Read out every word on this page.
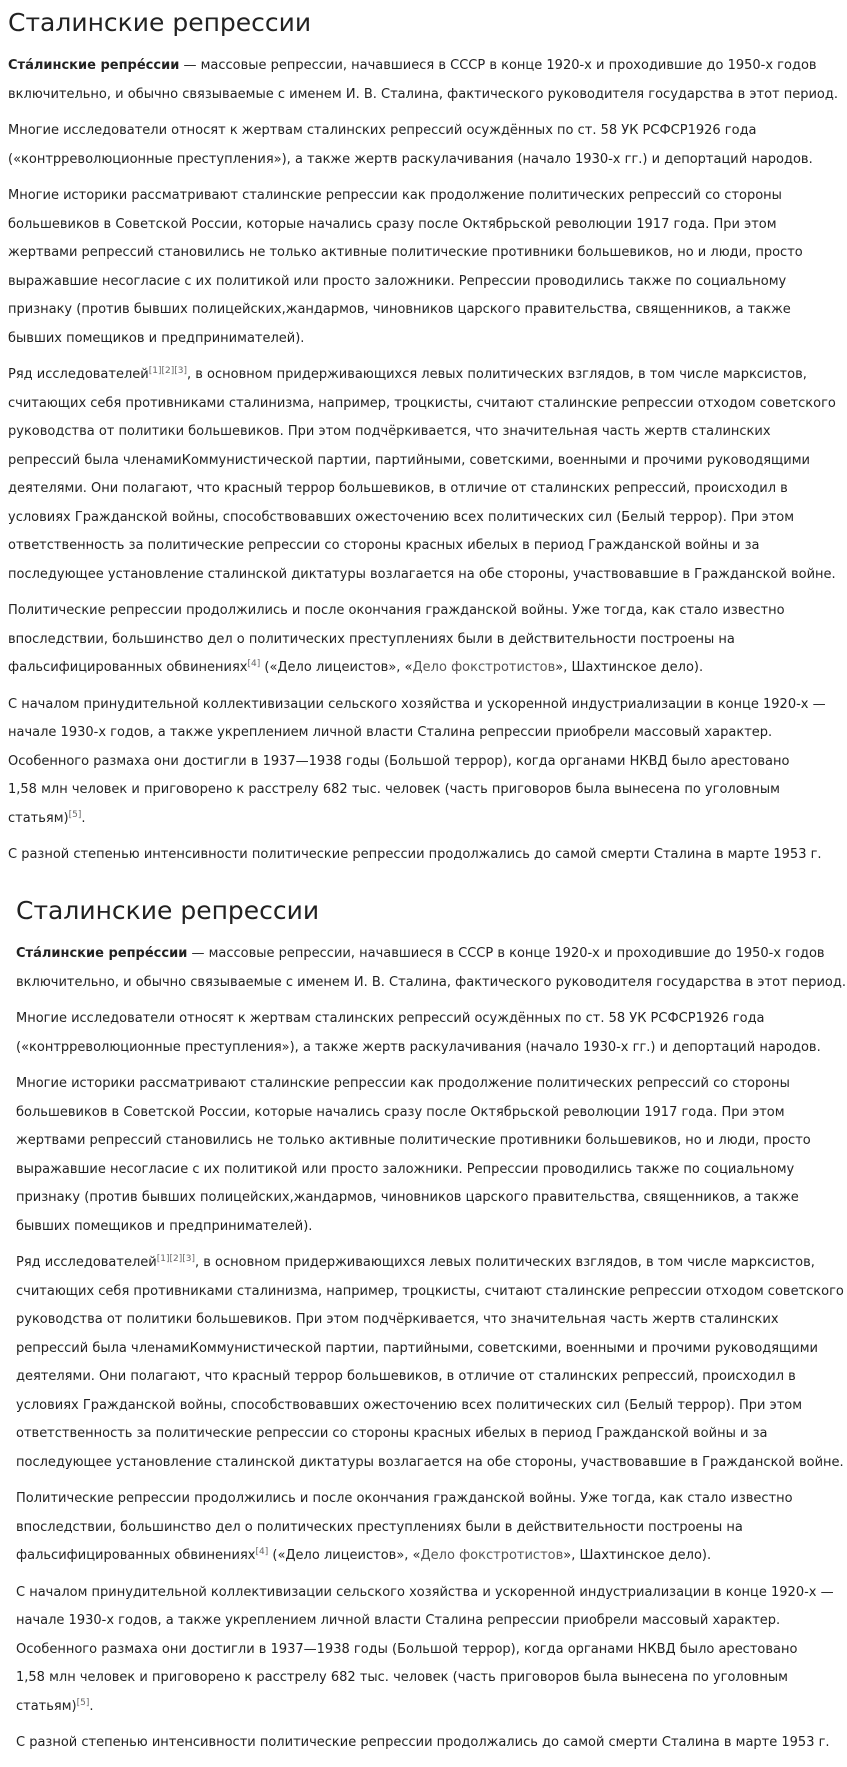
Сталинские репрессии

Ста́линские репре́ссии — массовые репрессии, начавшиеся в СССР в конце 1920-х и проходившие до 1950-х годов
включительно, и обычно связываемые с именем И. В. Сталина, фактического руководителя государства в этот период.

Многие исследователи относят к жертвам сталинских репрессий осуждённых по ст. 58 УК РСФСР1926 года
(«контрреволюционные преступления»), а также жертв раскулачивания (начало 1930-х гг.) и депортаций народов.

Многие историки рассматривают сталинские репрессии как продолжение политических репрессий со стороны
большевиков в Советской России, которые начались сразу после Октябрьской революции 1917 года. При этом
жертвами репрессий становились не только активные политические противники большевиков, но и люди, просто
выражавшие несогласие с их политикой или просто заложники. Репрессии проводились также по социальному
признаку (против бывших полицейских,жандармов, чиновников царского правительства, священников, а также
бывших помещиков и предпринимателей).

Ряд исследователей[1][2][3], в основном придерживающихся левых политических взглядов, в том числе марксистов,
считающих себя противниками сталинизма, например, троцкисты, считают сталинские репрессии отходом советского
руководства от политики большевиков. При этом подчёркивается, что значительная часть жертв сталинских
репрессий была членамиКоммунистической партии, партийными, советскими, военными и прочими руководящими
деятелями. Они полагают, что красный террор большевиков, в отличие от сталинских репрессий, происходил в
условиях Гражданской войны, способствовавших ожесточению всех политических сил (Белый террор). При этом
ответственность за политические репрессии со стороны красных ибелых в период Гражданской войны и за
последующее установление сталинской диктатуры возлагается на обе стороны, участвовавшие в Гражданской войне.

Политические репрессии продолжились и после окончания гражданской войны. Уже тогда, как стало известно
впоследствии, большинство дел о политических преступлениях были в действительности построены на
фальсифицированных обвинениях[4] («Дело лицеистов», «Дело фокстротистов», Шахтинское дело).

С началом принудительной коллективизации сельского хозяйства и ускоренной индустриализации в конце 1920-х —
начале 1930-х годов, а также укреплением личной власти Сталина репрессии приобрели массовый характер.
Особенного размаха они достигли в 1937—1938 годы (Большой террор), когда органами НКВД было арестовано
1,58 млн человек и приговорено к расстрелу 682 тыс. человек (часть приговоров была вынесена по уголовным
статьям)[5].

С разной степенью интенсивности политические репрессии продолжались до самой смерти Сталина в марте 1953 г.

Сталинские репрессии

Ста́линские репре́ссии — массовые репрессии, начавшиеся в СССР в конце 1920-х и проходившие до 1950-х годов
включительно, и обычно связываемые с именем И. В. Сталина, фактического руководителя государства в этот период.

Многие исследователи относят к жертвам сталинских репрессий осуждённых по ст. 58 УК РСФСР1926 года
(«контрреволюционные преступления»), а также жертв раскулачивания (начало 1930-х гг.) и депортаций народов.

Многие историки рассматривают сталинские репрессии как продолжение политических репрессий со стороны
большевиков в Советской России, которые начались сразу после Октябрьской революции 1917 года. При этом
жертвами репрессий становились не только активные политические противники большевиков, но и люди, просто
выражавшие несогласие с их политикой или просто заложники. Репрессии проводились также по социальному
признаку (против бывших полицейских,жандармов, чиновников царского правительства, священников, а также
бывших помещиков и предпринимателей).

Ряд исследователей[1][2][3], в основном придерживающихся левых политических взглядов, в том числе марксистов,
считающих себя противниками сталинизма, например, троцкисты, считают сталинские репрессии отходом советского
руководства от политики большевиков. При этом подчёркивается, что значительная часть жертв сталинских
репрессий была членамиКоммунистической партии, партийными, советскими, военными и прочими руководящими
деятелями. Они полагают, что красный террор большевиков, в отличие от сталинских репрессий, происходил в
условиях Гражданской войны, способствовавших ожесточению всех политических сил (Белый террор). При этом
ответственность за политические репрессии со стороны красных ибелых в период Гражданской войны и за
последующее установление сталинской диктатуры возлагается на обе стороны, участвовавшие в Гражданской войне.

Политические репрессии продолжились и после окончания гражданской войны. Уже тогда, как стало известно
впоследствии, большинство дел о политических преступлениях были в действительности построены на
фальсифицированных обвинениях[4] («Дело лицеистов», «Дело фокстротистов», Шахтинское дело).

С началом принудительной коллективизации сельского хозяйства и ускоренной индустриализации в конце 1920-х —
начале 1930-х годов, а также укреплением личной власти Сталина репрессии приобрели массовый характер.
Особенного размаха они достигли в 1937—1938 годы (Большой террор), когда органами НКВД было арестовано
1,58 млн человек и приговорено к расстрелу 682 тыс. человек (часть приговоров была вынесена по уголовным
статьям)[5].

С разной степенью интенсивности политические репрессии продолжались до самой смерти Сталина в марте 1953 г.
